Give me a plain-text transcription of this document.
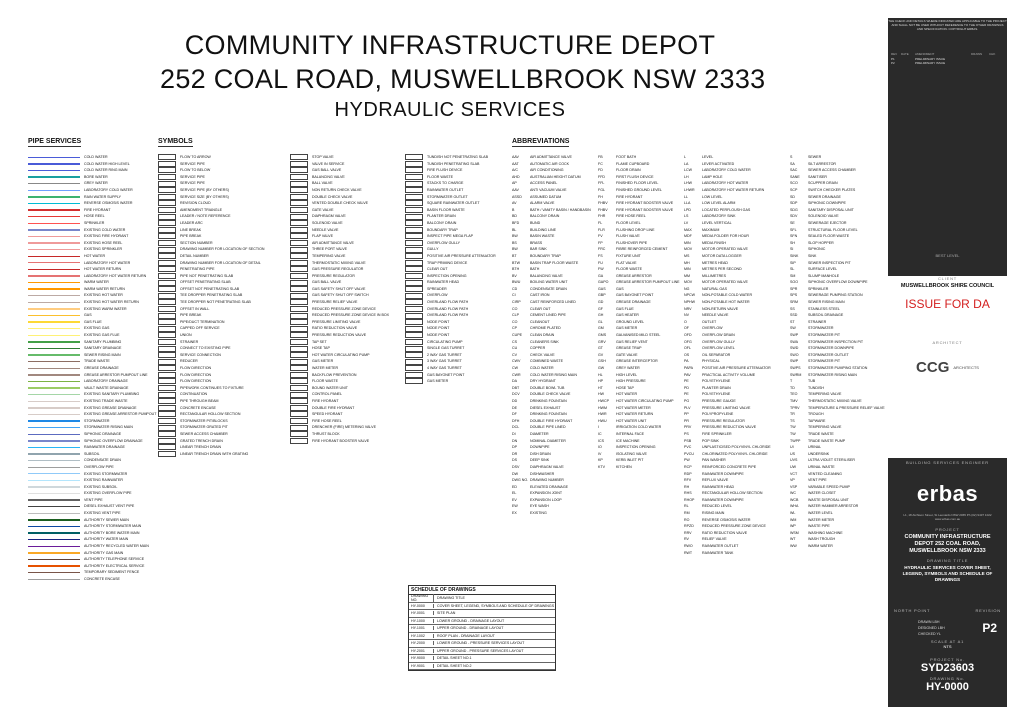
COMMUNITY INFRASTRUCTURE DEPOT
252 COAL ROAD, MUSWELLBROOK NSW 2333
HYDRAULIC SERVICES
PIPE SERVICES	SYMBOLS	ABBREVIATIONS
COLD WATER
COLD WATER HIGH LEVEL
COLD WATER RING MAIN
BORE WATER
GREY WATER
LABORATORY COLD WATER
RAIN WATER SUPPLY
REVERSE OSMOSIS WATER
FIRE HYDRANT
HOSE REEL
SPRINKLER
EXISTING COLD WATER
EXISTING FIRE HYDRANT
EXISTING HOSE REEL
EXISTING SPRINKLER
HOT WATER
LABORATORY HOT WATER
HOT WATER RETURN
LABORATORY HOT WATER RETURN
WARM WATER
WARM WATER RETURN
EXISTING HOT WATER
EXISTING HOT WATER RETURN
EXISTING WARM WATER
GAS
GAS FLUE
EXISTING GAS
EXISTING GAS FLUE
SANITARY PLUMBING
SANITARY DRAINAGE
SEWER RISING MAIN
TRADE WASTE
GREASE DRAINAGE
GREASE ARRESTOR PUMPOUT LINE
LABORATORY DRAINAGE
VAULT WASTE DRAINAGE
EXISTING SANITARY PLUMBING
EXISTING TRADE WASTE
EXISTING GREASE DRAINAGE
EXISTING GREASE ARRESTOR PUMPOUT
STORMWATER
STORMWATER RISING MAIN
SIPHONIC DRAINAGE
SIPHONIC OVERFLOW DRAINAGE
RAINWATER DRAINAGE
SUBSOIL
CONDENSATE DRAIN
OVERFLOW PIPE
EXISTING STORMWATER
EXISTING RAINWATER
EXISTING SUBSOIL
EXISTING OVERFLOW PIPE
VENT PIPE
DIESEL EXHAUST VENT PIPE
EXISTING VENT PIPE
AUTHORITY SEWER MAIN
AUTHORITY STORMWATER MAIN
AUTHORITY BORE WATER MAIN
AUTHORITY WATER MAIN
AUTHORITY RECYCLED WATER MAIN
AUTHORITY GAS MAIN
AUTHORITY TELEPHONE SERVICE
AUTHORITY ELECTRICAL SERVICE
TEMPORARY SEDIMENT FENCE
CONCRETE ENCASE
FLOW TO ARROW
SERVICE PIPE
FLOW TO BELOW
SERVICE PIPE
SERVICE PIPE
SERVICE PIPE (BY OTHERS)
SERVICE SIZE (BY OTHERS)
REVISION CLOUD
AMENDMENT TRIANGLE
LEADER / NOTE REFERENCE
LEADER ARC
LINE BREAK
PIPE BREAK
SECTION NUMBER
DRAWING NUMBER FOR LOCATION OF SECTION
DETAIL NUMBER
DRAWING NUMBER FOR LOCATION OF DETAIL
PENETRATING PIPE
PIPE NOT PENETRATING SLAB
OFFSET PENETRATING SLAB
OFFSET NOT PENETRATING SLAB
TEE DROPPER PENETRATING SLAB
TEE DROPPER NOT PENETRATING SLAB
OFFSET IN WALL
PIPE BREAK
PIPE/DUCT TERMINATION
CAPPED OFF SERVICE
UNION
STRAINER
CONNECT TO EXISTING PIPE
SERVICE CONNECTION
REDUCER
FLOW DIRECTION
FLOW DIRECTION
FLOW DIRECTION
PIPEWORK CONTINUES TO FIXTURE
CONTINUATION
PIPE THROUGH BEAM
CONCRETE ENCASE
RECTANGULAR HOLLOW SECTION
STORMWATER PIT/BLOCKS
STORMWATER GRATED PIT
SEWER ACCESS CHAMBER
GRATED TRENCH DRAIN
LINEAR TRENCH DRAIN
LINEAR TRENCH DRAIN WITH GRATING
STOP VALVE
VALVE IN SERVICE
GAS BALL VALVE
BALANCING VALVE
BALL VALVE
NON RETURN CHECK VALVE
DOUBLE CHECK VALVE
VENTED DOUBLE CHECK VALVE
GATE VALVE
DIAPHRAGM VALVE
SOLENOID VALVE
NEEDLE VALVE
FLAP VALVE
AIR ADMITTANCE VALVE
THREE PORT VALVE
TEMPERING VALVE
THERMOSTATIC MIXING VALVE
GAS PRESSURE REGULATOR
PRESSURE REGULATOR
GAS BALL VALVE
GAS SAFETY SHUT OFF VALVE
GAS SAFETY SHUT OFF SWITCH
PRESSURE RELIEF VALVE
REDUCED PRESSURE ZONE DEVICE
REDUCED PRESSURE ZONE DEVICE IN BOX
PRESSURE LIMITING VALVE
RATIO REDUCTION VALVE
PRESSURE REDUCTION VALVE
TAP SET
HOSE TAP
HOT WATER CIRCULATING PUMP
GAS METER
WATER METER
BACKFLOW PREVENTION
FLOOR WASTE
BOUND WATER UNIT
CONTROL PANEL
FIRE HYDRANT
DOUBLE FIRE HYDRANT
SPEED HYDRANT
FIRE HOSE REEL
DRENCHER (FIRE) METERING VALVE
THRUST BLOCK
FIRE HYDRANT BOOSTER VALVE
TUNDISH NOT PENETRATING SLAB
TUNDISH PENETRATING SLAB
FIRE FLUSH DEVICE
FLOOR WASTE
STACKS TO CHARGE
RAINWATER OUTLET
STORMWATER OUTLET
SQUARE RAINWATER OUTLET
BASIN FLOOR WASTE
PLANTER DRAIN
BALCONY DRAIN
BOUNDARY TRAP
INSPECT PIPE MEGA FLAP
OVERFLOW GULLY
GULLY
POSITIVE AIR PRESSURE ATTENUATOR
TRAP PRIMING DEVICE
CLEAR OUT
INSPECTION OPENING
RAINWATER HEAD
SPREADER
OVERFLOW
OVERLAND FLOW PATH
OVERLAND FLOW PATH
OVERLAND FLOW PATH
NODE POINT
NODE POINT
NODE POINT
CIRCULATING PUMP
SINGLE GAS TURRET
2 WAY GAS TURRET
3 WAY GAS TURRET
4 WAY GAS TURRET
GAS BAYONET POINT
GAS METER
AAV	AIR ADMITTANCE VALVE
AAT	AUTOMATIC AIR COCK
A/C	AIR CONDITIONING
AHD	AUSTRALIAN HEIGHT DATUM
AP	ACCESS PANEL
AAV	ANTI VACUUM VALVE
ASSD	ASSUMED DATUM
AV	ALARM VALVE
B	BATH / VANITY BASIN / HANDBASIN
BD	BALCONY DRAIN
BFD	BUND
BL	BUILDING LINE
BW	BASIN WASTE
BS	BRASS
BW	BAR SINK
BT	BOUNDARY TRAP
BTW	BASIN TRAP FLOOR WASTE
BTH	BATH
BV	BALANCING VALVE
BWU	BOILING WATER UNIT
CD	CONDENSATE DRAIN
CI	CAST IRON
CIRP	CAST REINFORCED LINED
CO	CLEAR OUT
CLP	CEMENT LINED PIPE
CO	CLEANOUT
CP	CHROME PLATED
CUPE	CLEAN DRAIN
CS	CLEANERS SINK
CU	COPPER
CV	CHECK VALVE
CWV	COMBINED WASTE
CW	COLD WATER
CWR	COLD WATER RISING MAIN
DA	DRY HYDRANT
DBT	DOUBLE BOWL TUB
DCV	DOUBLE CHECK VALVE
DD	DRINKING FOUNTAIN
DE	DIESEL EXHAUST
DF	DRINKING FOUNTAIN
DFH	DOUBLE FIRE HYDRANT
DCL	DOUBLE PIPE LINED
DI	DIAMETER
DN	NOMINAL DIAMETER
DP	DOWNPIPE
DR	DISH DRAIN
DS	DEEP SINK
DSV	DIAPHRAGM VALVE
DW	DISHWASHER
DWG NO. DRAWING NUMBER
ED	ELEVATED DRAINAGE
EL	EXPANSION JOINT
EV	EXPANSION LOOP
EW	EYE WASH
EX	EXISTING
FB	FOOT BATH
FC	FLAME CUPBOARD
FD	FLOOR DRAIN
FFD	FIRST FLUSH DEVICE
FFL	FINISHED FLOOR LEVEL
FGL	FINISHED GROUND LEVEL
FH	FIRE HYDRANT
FHBV	FIRE HYDRANT BOOSTER VALVE
FHBV	FIRE HYDRANT BOOSTER VALVE
FHR	FIRE HOSE REEL
FL	FLOOR LEVEL
FLR	FLUSHING DROP LINE
FV	FLUSH VALVE
FP	FLUSHOVER PIPE
FRC	FIBRE REINFORCED CEMENT
FS	FIXTURE UNIT
FU	FLAT VALVE
FW	FLOOR WASTE
GA	GREASE ARRESTOR
GAPO	GREASE ARRESTOR PUMPOUT LINE
GAS	GAS
GBP	GAS BAYONET POINT
GD	GREASE DRAINAGE
GF	GAS FLUE
GH	GAS HEATER
GL	GROUND LEVEL
GM	GAS METER
GMS	GALVANISED MILD STEEL
GRV	GAS RELIEF VENT
GT	GREASE TRAP
GV	GATE VALVE
GSH	GREASE INTERCEPTOR
GW	GREY WATER
HL	HIGH LEVEL
HP	HIGH PRESSURE
HT	HOSE TAP
HW	HOT WATER
HWCP	HOT WATER CIRCULATING PUMP
HWM	HOT WATER METER
HWR	HOT WATER RETURN
HWU	HOT WATER UNIT
I	IRRIGATION COLD WATER
IC	INTERNAL FACE
ICS	ICE MACHINE
IO	INSPECTION OPENING
IV	ISOLATING VALVE
KP	KERB INLET PIT
KTV	KITCHEN
L	LEVEL
LA	LEVER ACTIVATED
LCW	LABORATORY COLD WATER
LH	LAMP HOLE
LHW	LABORATORY HOT WATER
LHWR	LABORATORY HOT WATER RETURN
LL	LOW LEVEL
LLA	LOW LEVEL ALARM
LPD	LOCATED PERFLOUSH GAS
LS	LABORATORY SINK
LV	LEVEL VERTICAL
MAX	MAXIMUM
MDF	MEDIA FOLDER FOR HOUR
MIN	MEDIA FINISH
MOV	MOTOR OPERATED VALVE
MS	MOTOR DATA LOGGER
MH	METRES HEAD
MIN	METRES PER SECOND
MM	MILLIMETRES
MOV	MOTOR OPERATED VALVE
NG	NATURAL GAS
NPCW	NON-POTABLE COLD WATER
NPHW	NON-POTABLE HOT WATER
NRV	NON-RETURN VALVE
NV	NEEDLE VALVE
O	OUTLET
OF	OVERFLOW
OFD	OVERFLOW DRAIN
OFG	OVERFLOW GULLY
OFL	OVERFLOW LEVEL
OS	OIL SEPARATOR
PA	PHYSICAL
PAPA	POSITIVE AIR PRESSURE ATTENUATOR
PAV	PRACTICAL ACTIVITY VOLUME
PE	POLYETHYLENE
PD	PLANTER DRAIN
PE	POLYETHYLENE
PG	PRESSURE GAUGE
PLV	PRESSURE LIMITING VALVE
PP	POLYPROPYLENE
PR	PRESSURE REGULATOR
PRV	PRESSURE REDUCTION VALVE
PS	FIRE SPRINKLER
PSB	POP SINK
PVC	UNPLASTICISED POLYVINYL CHLORIDE
PVCU	CHLORINATED POLYVINYL CHLORIDE
PW	PAN WASHER
RCP	REINFORCED CONCRETE PIPE
RDP	RAINWATER DOWNPIPE
RFV	REFLUX VALVE
RH	RAINWATER HEAD
RHS	RECTANGULAR HOLLOW SECTION
RHOP	RAINWATER DOWNPIPE
RL	REDUCED LEVEL
RM	RISING MAIN
RO	REVERSE OSMOSIS WATER
RPZD	REDUCED PRESSURE ZONE DEVICE
RRV	RATIO REDUCTION VALVE
RV	RELIEF VALVE
RWO	RAINWATER OUTLET
RWT	RAINWATER TANK
S	SEWER
SA	SILT ARRESTOR
SAC	SEWER ACCESS CHAMBER
SANE	SANITISER
SCO	SCUPPER DRAIN
SCP	SWITCH CHECKER PLATES
SD	SEWER DRAINAGE
SDP	SIPHONIC DOWNPIPE
SDG	SANITARY DISPOSAL UNIT
SDV	SOLENOID VALVE
SE	SEWERAGE EJECTOR
SFL	STRUCTURAL FLOOR LEVEL
SFN	SEALED FLOOR WASTE
SH	SLOP HOPPER
SI	SIPHONIC
SINK	SINK
SIP	SEWER INSPECTION PIT
SL	SURFACE LEVEL
SM	SLUMP MANHOLE
SOO	SIPHONIC OVERFLOW DOWNPIPE
SPR	SPRINKLER
SPS	SEWERAGE PUMPING STATION
SRM	SEWER RISING MAIN
SS	STAINLESS STEEL
SSD	SUBSOIL DRAINAGE
ST	STRAINER
SW	STORMWATER
SWP	STORMWATER PIT
SWA	STORMWATER INSPECTION PIT
SWD	STORMWATER DOWNPIPE
SWO	STORMWATER OUTLET
SWP	STORMWATER PIT
SWPS	STORMWATER PUMPING STATION
SWRM	STORMWATER RISING MAIN
T	TUB
TD	TUNDISH
TEO	TEMPERING VALVE
TMV	THERMOSTATIC MIXING VALVE
TPRV	TEMPERATURE & PRESSURE RELIEF VALVE
TR	TROUGH
TS	TAPWARE
TW	TEMPERING VALVE
TW	TRADE WASTE
TWPP	TRADE WASTE PUMP
UI	URINAL
US	UNDERSINK
UVS	ULTRA VIOLET STERILISER
UW	URINAL WASTE
VCT	VENTED CLEANING
VP	VENT PIPE
VSP	VARIABLE SPEED PUMP
WC	WATER CLOSET
WCB	WASTE DISPOSAL UNIT
WHA	WATER HAMMER ARRESTOR
WL	WATER LEVEL
WM	WATER METER
WP	WASTE PIPE
WSM	WASHING MACHINE
WT	WASH TROUGH
WW	WARM WATER
SCHEDULE OF DRAWINGS
DRAWING NO.	DRAWING TITLE
HY-0000	COVER SHEET, LEGEND, SYMBOLS AND SCHEDULE OF DRAWINGS
HY-0001	SITE PLAN
HY-1000	LOWER GROUND - DRAINAGE LAYOUT
HY-1001	UPPER GROUND - DRAINAGE LAYOUT
HY-1002	ROOF PLAN - DRAINAGE LAYOUT
HY-2000	LOWER GROUND - PRESSURE SERVICES LAYOUT
HY-2001	UPPER GROUND - PRESSURE SERVICES LAYOUT
HY-9000	DETAIL SHEET NO.1
HY-9001	DETAIL SHEET NO.2
THE CHECK AND DETAILS WHERE INDICATED ARE APPLICABLE TO THE PROJECT AND SHALL NOT BE USED WITHOUT REFERENCE TO THE OTHER DRAWINGS AND SPECIFICATION. COPYRIGHT ERBAS.
REV	DATE	AMENDMENT	DRAWN	CHK
P1	PRELIMINARY ISSUE
P2	PRELIMINARY ISSUE
BEST LEVEL
CLIENT
MUSWELLBROOK SHIRE COUNCIL
ISSUE FOR DA
ARCHITECT
CCG ARCHITECTS
BUILDING SERVICES ENGINEER
erbas
L1, 18 Atchison Street, St Leonards NSW 2065 Ph (02) 9437 1022 www.erbas.com.au
PROJECT
COMMUNITY INFRASTRUCTURE DEPOT 252 COAL ROAD, MUSWELLBROOK NSW 2333
DRAWING TITLE
HYDRAULIC SERVICES COVER SHEET, LEGEND, SYMBOLS AND SCHEDULE OF DRAWINGS
NORTH POINT	REVISION
DRAWN LBH
DESIGNED LBH
CHECKED YL	P2
SCALE AT A1
NTS
PROJECT No.
SYD23603
DRAWING No.
HY-0000
